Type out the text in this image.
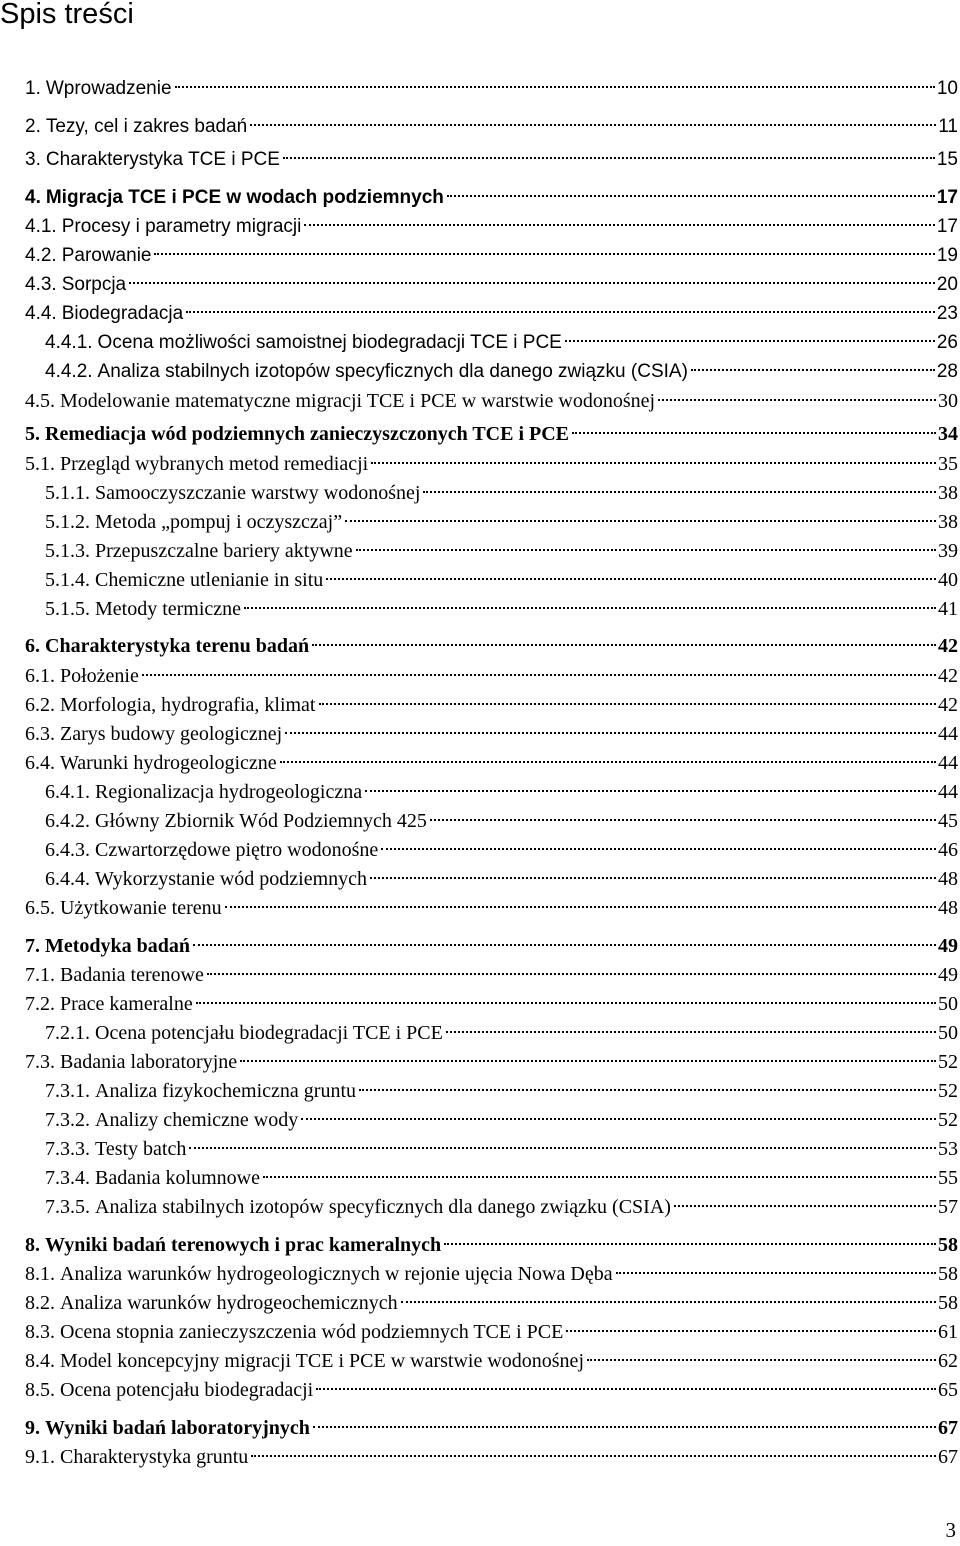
Spis treści
1. Wprowadzenie	10
2. Tezy, cel i zakres badań	11
3. Charakterystyka TCE i PCE	15
4. Migracja TCE i PCE w wodach podziemnych	17
4.1. Procesy i parametry migracji	17
4.2. Parowanie	19
4.3. Sorpcja	20
4.4. Biodegradacja	23
4.4.1. Ocena możliwości samoistnej biodegradacji TCE i PCE	26
4.4.2. Analiza stabilnych izotopów specyficznych dla danego związku (CSIA)	28
4.5. Modelowanie matematyczne migracji TCE i PCE w warstwie wodonośnej	30
5. Remediacja wód podziemnych zanieczyszczonych TCE i PCE	34
5.1. Przegląd wybranych metod remediacji	35
5.1.1. Samooczyszczanie warstwy wodonośnej	38
5.1.2. Metoda „pompuj i oczyszczaj”	38
5.1.3. Przepuszczalne bariery aktywne	39
5.1.4. Chemiczne utlenianie in situ	40
5.1.5. Metody termiczne	41
6. Charakterystyka terenu badań	42
6.1. Położenie	42
6.2. Morfologia, hydrografia, klimat	42
6.3. Zarys budowy geologicznej	44
6.4. Warunki hydrogeologiczne	44
6.4.1. Regionalizacja hydrogeologiczna	44
6.4.2. Główny Zbiornik Wód Podziemnych 425	45
6.4.3. Czwartorzędowe piętro wodonośne	46
6.4.4. Wykorzystanie wód podziemnych	48
6.5. Użytkowanie terenu	48
7. Metodyka badań	49
7.1. Badania terenowe	49
7.2. Prace kameralne	50
7.2.1. Ocena potencjału biodegradacji TCE i PCE	50
7.3. Badania laboratoryjne	52
7.3.1. Analiza fizykochemiczna gruntu	52
7.3.2. Analizy chemiczne wody	52
7.3.3. Testy batch	53
7.3.4. Badania kolumnowe	55
7.3.5. Analiza stabilnych izotopów specyficznych dla danego związku (CSIA)	57
8. Wyniki badań terenowych i prac kameralnych	58
8.1. Analiza warunków hydrogeologicznych w rejonie ujęcia Nowa Dęba	58
8.2. Analiza warunków hydrogeochemicznych	58
8.3. Ocena stopnia zanieczyszczenia wód podziemnych TCE i PCE	61
8.4. Model koncepcyjny migracji TCE i PCE w warstwie wodonośnej	62
8.5. Ocena potencjału biodegradacji	65
9. Wyniki badań laboratoryjnych	67
9.1. Charakterystyka gruntu	67
3
